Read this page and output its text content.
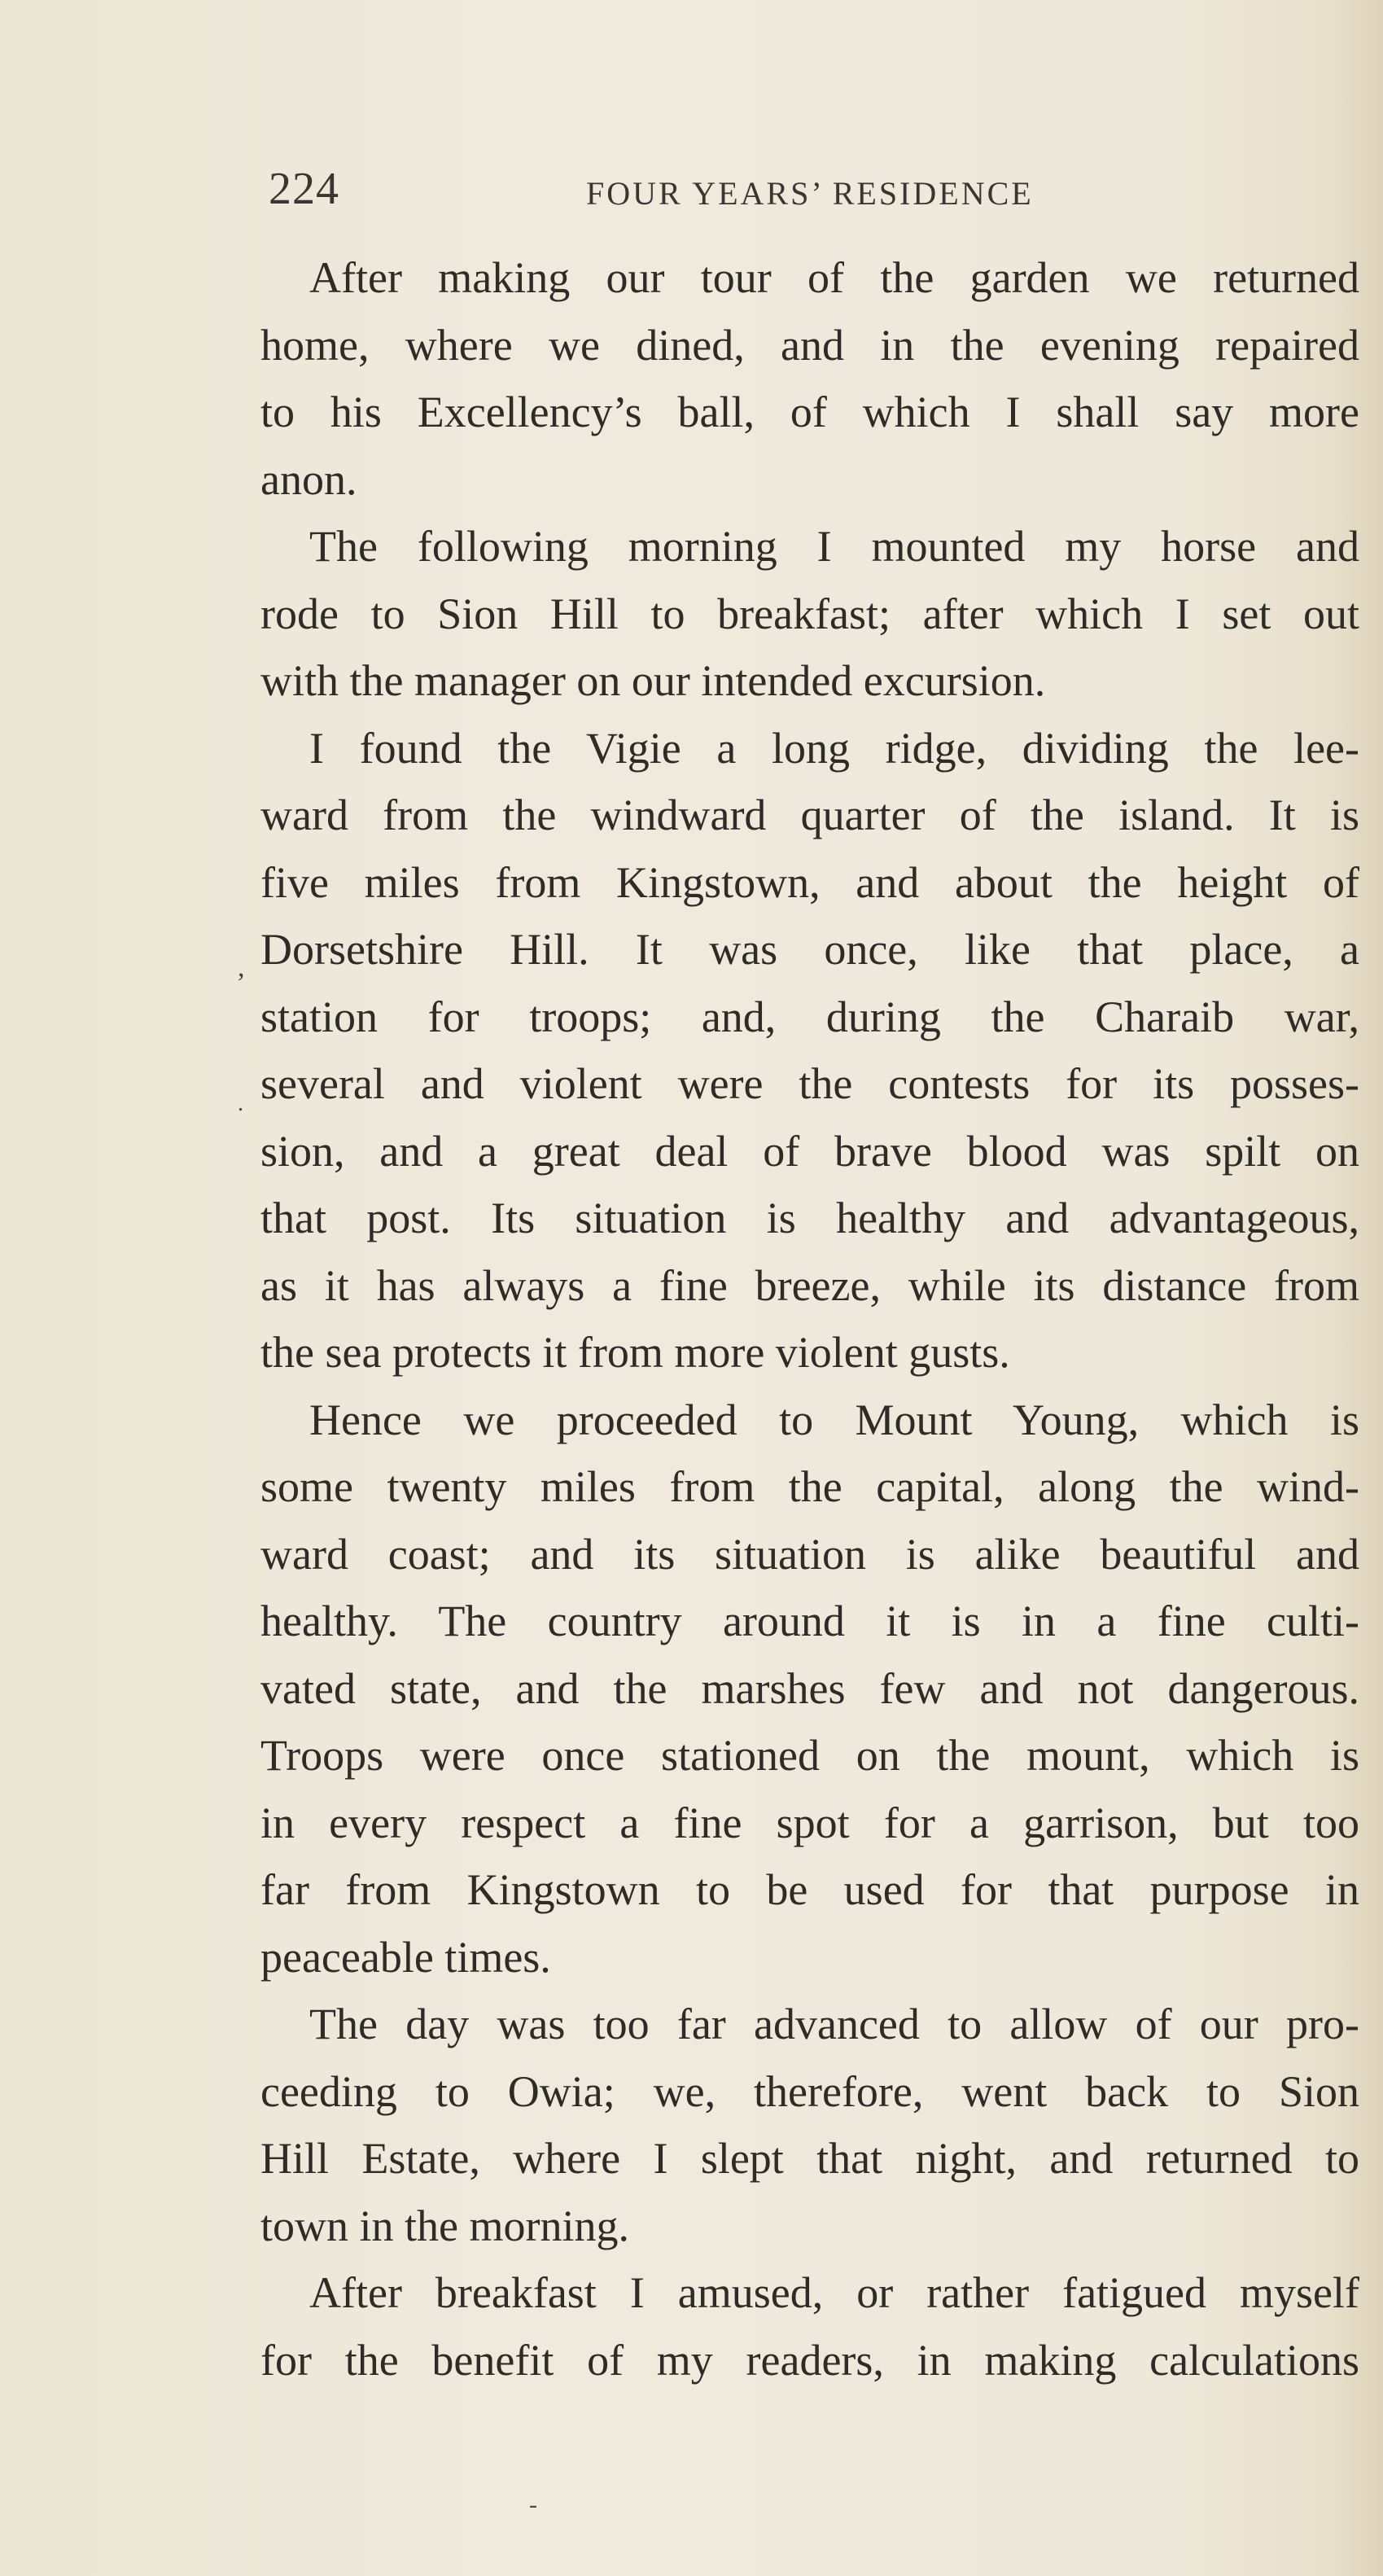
224	FOUR YEARS’ RESIDENCE
After making our tour of the garden we returned
home, where we dined, and in the evening repaired
to his Excellency’s ball, of which I shall say more
anon.
The following morning I mounted my horse and
rode to Sion Hill to breakfast; after which I set out
with the manager on our intended excursion.
I found the Vigie a long ridge, dividing the lee-
ward from the windward quarter of the island. It is
five miles from Kingstown, and about the height of
Dorsetshire Hill. It was once, like that place, a
station for troops; and, during the Charaib war,
several and violent were the contests for its posses-
sion, and a great deal of brave blood was spilt on
that post. Its situation is healthy and advantageous,
as it has always a fine breeze, while its distance from
the sea protects it from more violent gusts.
Hence we proceeded to Mount Young, which is
some twenty miles from the capital, along the wind-
ward coast; and its situation is alike beautiful and
healthy. The country around it is in a fine culti-
vated state, and the marshes few and not dangerous.
Troops were once stationed on the mount, which is
in every respect a fine spot for a garrison, but too
far from Kingstown to be used for that purpose in
peaceable times.
The day was too far advanced to allow of our pro-
ceeding to Owia; we, therefore, went back to Sion
Hill Estate, where I slept that night, and returned to
town in the morning.
After breakfast I amused, or rather fatigued myself
for the benefit of my readers, in making calculations
,
.
-
